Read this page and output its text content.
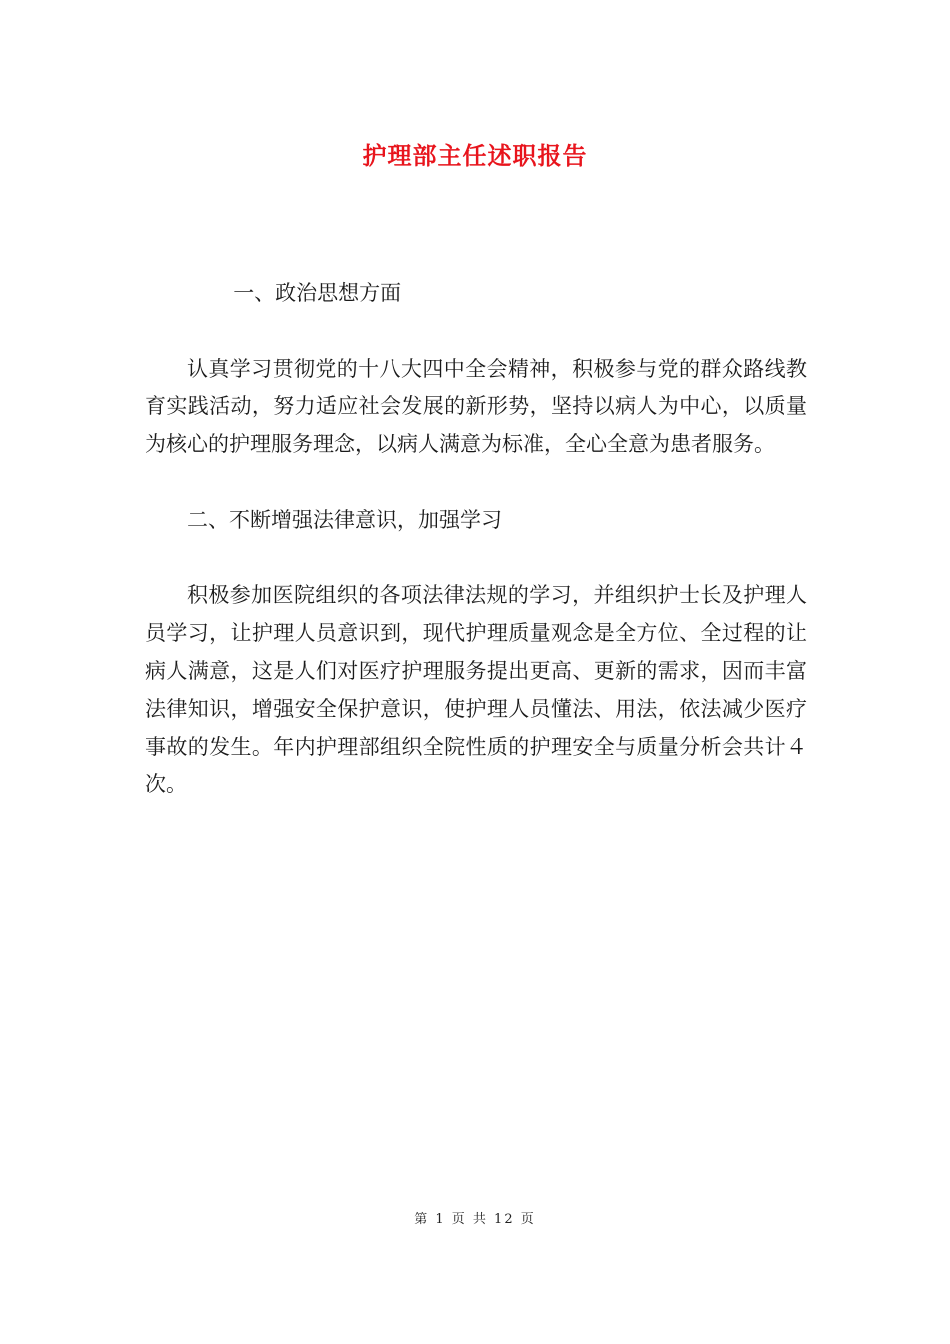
护理部主任述职报告

一、政治思想方面

认真学习贯彻党的十八大四中全会精神，积极参与党的群众路线教育实践活动，努力适应社会发展的新形势，坚持以病人为中心，以质量为核心的护理服务理念，以病人满意为标准，全心全意为患者服务。

二、不断增强法律意识，加强学习

积极参加医院组织的各项法律法规的学习，并组织护士长及护理人员学习，让护理人员意识到，现代护理质量观念是全方位、全过程的让病人满意，这是人们对医疗护理服务提出更高、更新的需求，因而丰富法律知识，增强安全保护意识，使护理人员懂法、用法，依法减少医疗事故的发生。年内护理部组织全院性质的护理安全与质量分析会共计４次。

第 1 页 共 12 页
